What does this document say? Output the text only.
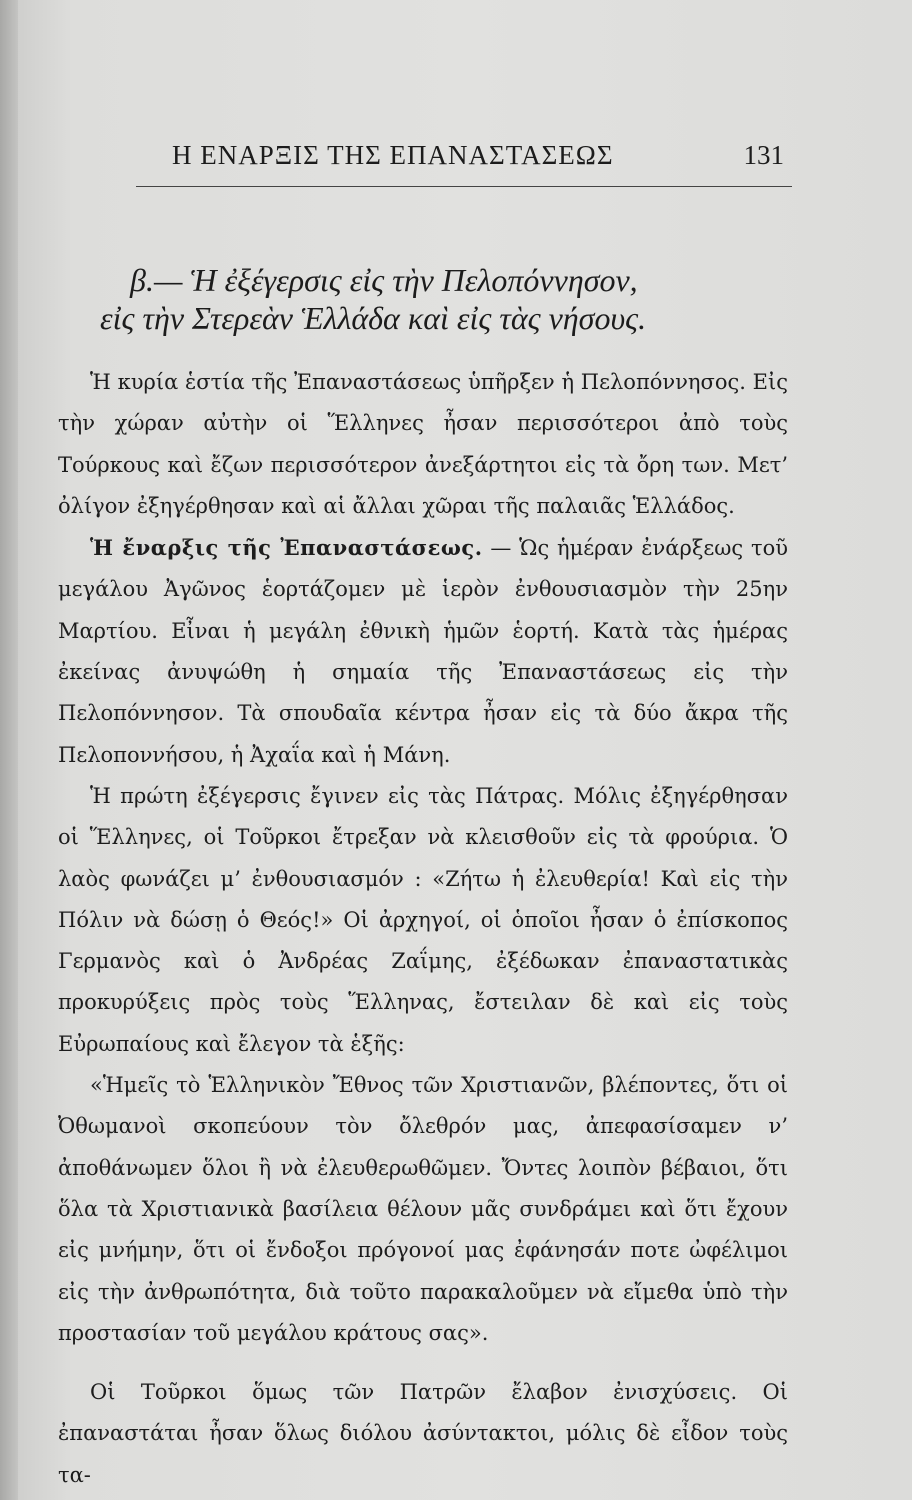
Η ΕΝΑΡΞΙΣ ΤΗΣ ΕΠΑΝΑΣΤΑΣΕΩΣ	131
β.— Ἡ ἐξέγερσις εἰς τὴν Πελοπόννησον,
εἰς τὴν Στερεὰν Ἑλλάδα καὶ εἰς τὰς νήσους.

Ἡ κυρία ἑστία τῆς Ἐπαναστάσεως ὑπῆρξεν ἡ Πελοπόννησος. Εἰς τὴν χώραν αὐτὴν οἱ Ἕλληνες ἦσαν περισσότεροι ἀπὸ τοὺς Τούρκους καὶ ἔζων περισσότερον ἀνεξάρτητοι εἰς τὰ ὄρη των. Μετ’ ὀλίγον ἐξηγέρθησαν καὶ αἱ ἄλλαι χῶραι τῆς παλαιᾶς Ἑλλάδος.

Ἡ ἔναρξις τῆς Ἐπαναστάσεως. — Ὡς ἡμέραν ἐνάρξεως τοῦ μεγάλου Ἀγῶνος ἑορτάζομεν μὲ ἱερὸν ἐνθουσιασμὸν τὴν 25ην Μαρτίου. Εἶναι ἡ μεγάλη ἐθνικὴ ἡμῶν ἑορτή. Κατὰ τὰς ἡμέρας ἐκείνας ἀνυψώθη ἡ σημαία τῆς Ἐπαναστάσεως εἰς τὴν Πελοπόννησον. Τὰ σπουδαῖα κέντρα ἦσαν εἰς τὰ δύο ἄκρα τῆς Πελοποννήσου, ἡ Ἀχαΐα καὶ ἡ Μάνη.

Ἡ πρώτη ἐξέγερσις ἔγινεν εἰς τὰς Πάτρας. Μόλις ἐξηγέρθησαν οἱ Ἕλληνες, οἱ Τοῦρκοι ἔτρεξαν νὰ κλεισθοῦν εἰς τὰ φρούρια. Ὁ λαὸς φωνάζει μ’ ἐνθουσιασμόν : «Ζήτω ἡ ἐλευθερία! Καὶ εἰς τὴν Πόλιν νὰ δώσῃ ὁ Θεός!» Οἱ ἀρχηγοί, οἱ ὁποῖοι ἦσαν ὁ ἐπίσκοπος Γερμανὸς καὶ ὁ Ἀνδρέας Ζαΐμης, ἐξέδωκαν ἐπαναστατικὰς προκυρύξεις πρὸς τοὺς Ἕλληνας, ἔστειλαν δὲ καὶ εἰς τοὺς Εὐρωπαίους καὶ ἔλεγον τὰ ἑξῆς:

«Ἡμεῖς τὸ Ἑλληνικὸν Ἔθνος τῶν Χριστιανῶν, βλέποντες, ὅτι οἱ Ὀθωμανοὶ σκοπεύουν τὸν ὄλεθρόν μας, ἀπεφασίσαμεν ν’ ἀποθάνωμεν ὅλοι ἢ νὰ ἐλευθερωθῶμεν. Ὄντες λοιπὸν βέβαιοι, ὅτι ὅλα τὰ Χριστιανικὰ βασίλεια θέλουν μᾶς συνδράμει καὶ ὅτι ἔχουν εἰς μνήμην, ὅτι οἱ ἔνδοξοι πρόγονοί μας ἐφάνησάν ποτε ὠφέλιμοι εἰς τὴν ἀνθρωπότητα, διὰ τοῦτο παρακαλοῦμεν νὰ εἴμεθα ὑπὸ τὴν προστασίαν τοῦ μεγάλου κράτους σας».

Οἱ Τοῦρκοι ὅμως τῶν Πατρῶν ἔλαβον ἐνισχύσεις. Οἱ ἐπαναστάται ἦσαν ὅλως διόλου ἀσύντακτοι, μόλις δὲ εἶδον τοὺς τα-
